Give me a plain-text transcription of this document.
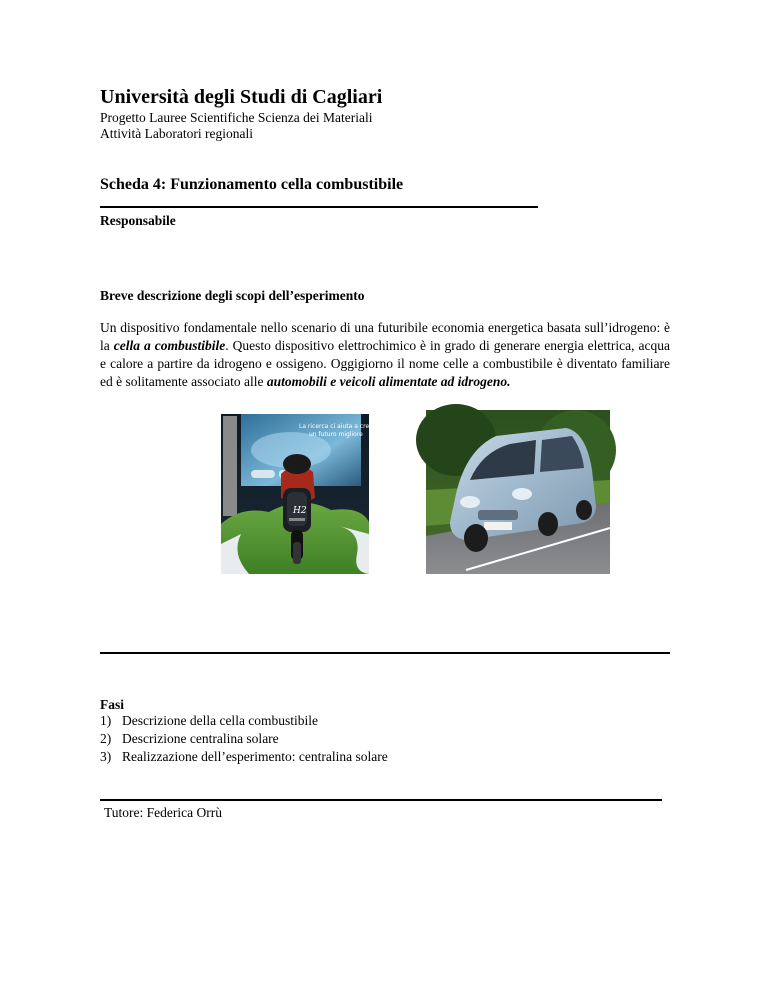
Università degli Studi di Cagliari
Progetto Lauree Scientifiche Scienza dei Materiali
Attività Laboratori regionali
Scheda 4: Funzionamento cella combustibile
Responsabile
Breve descrizione degli scopi dell’esperimento
Un dispositivo fondamentale nello scenario di una futuribile economia energetica basata sull’idrogeno: è la cella a combustibile. Questo dispositivo elettrochimico è in grado di generare energia elettrica, acqua e calore a partire da idrogeno e ossigeno. Oggigiorno il nome celle a combustibile è diventato familiare ed è solitamente associato alle automobili e veicoli alimentate ad idrogeno.
La ricerca ci aiuta a creare
un futuro migliore
H2
Fasi
1) Descrizione della cella combustibile
2) Descrizione centralina solare
3) Realizzazione dell’esperimento: centralina solare
Tutore: Federica Orrù
